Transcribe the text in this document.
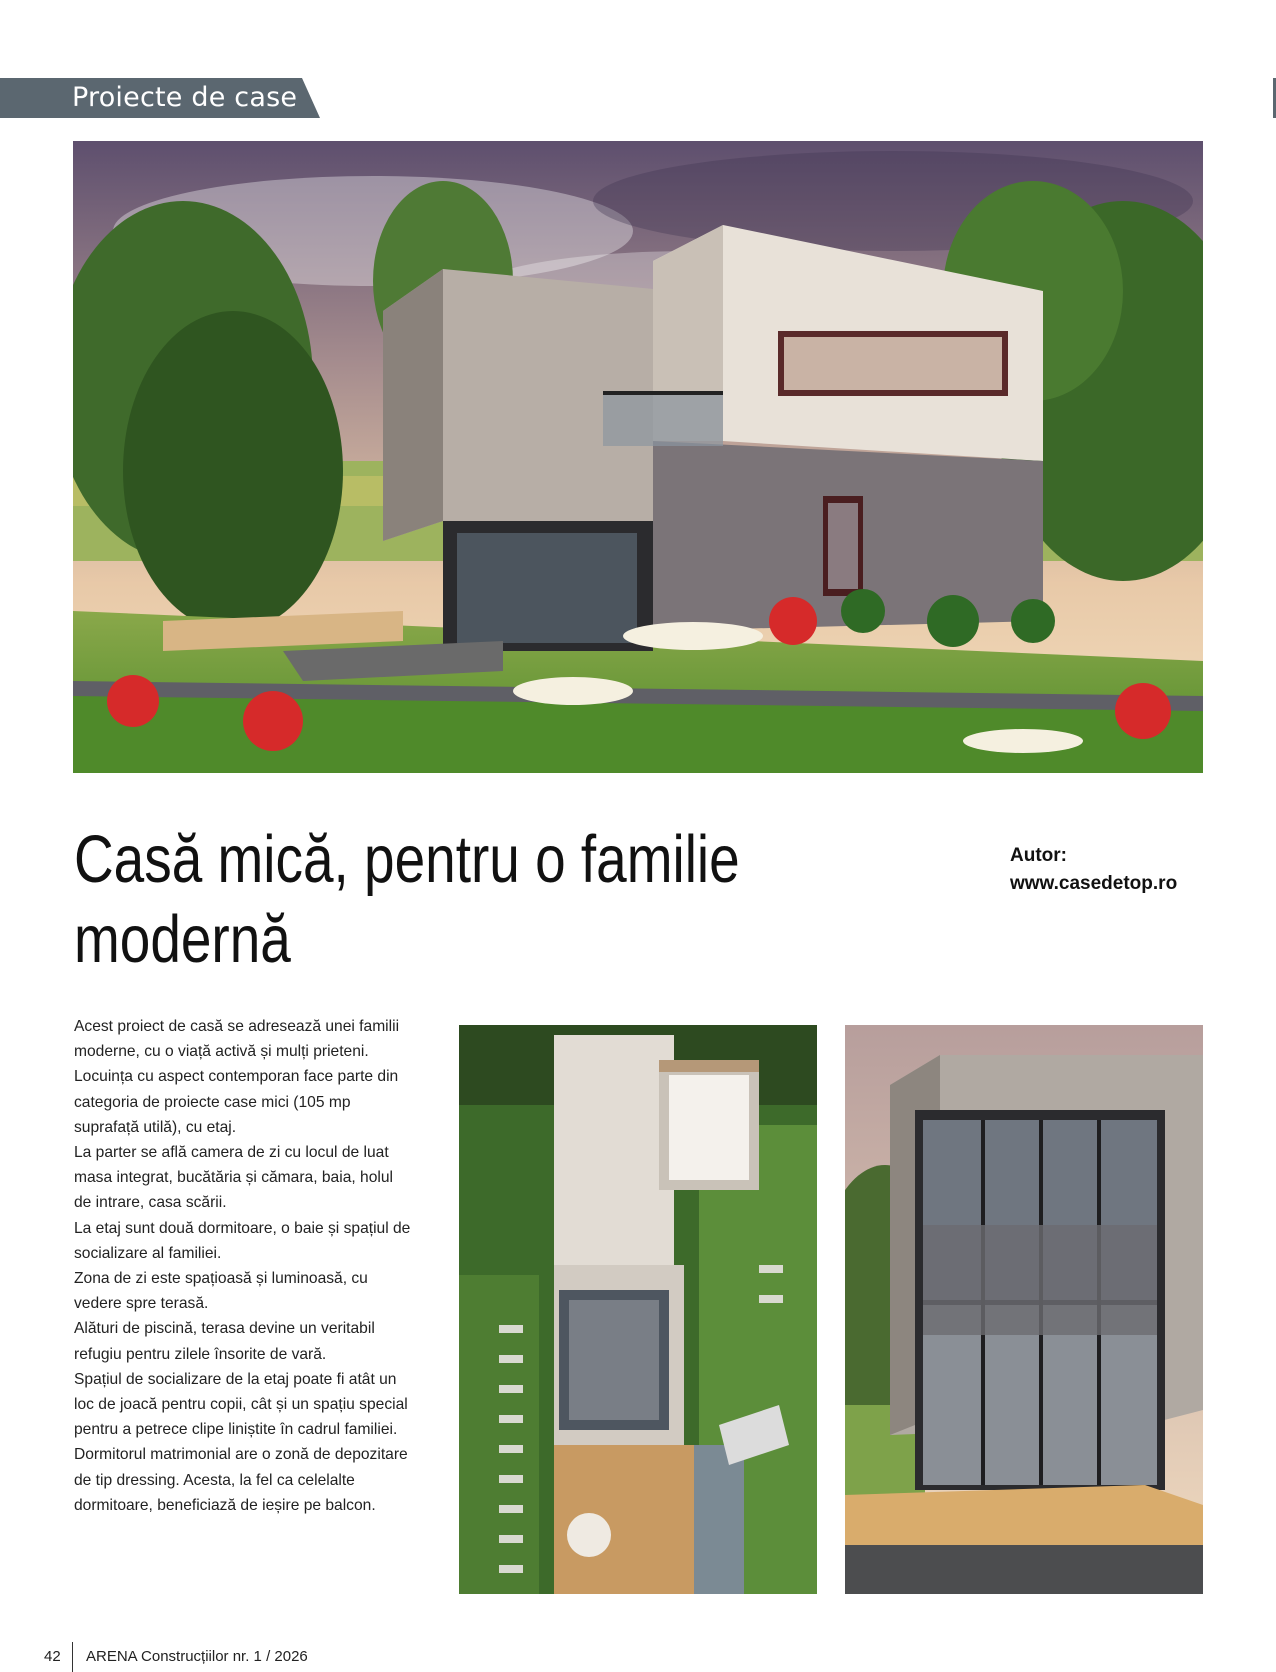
Proiecte de case
Casă mică, pentru o familie modernă
Autor:
www.casedetop.ro

Acest proiect de casă se adresează unei familii moderne, cu o viață activă și mulți prieteni.

Locuința cu aspect contemporan face parte din categoria de proiecte case mici (105 mp suprafață utilă), cu etaj.

La parter se află camera de zi cu locul de luat masa integrat, bucătăria și cămara, baia, holul de intrare, casa scării.

La etaj sunt două dormitoare, o baie și spațiul de socializare al familiei.

Zona de zi este spațioasă și luminoasă, cu vedere spre terasă.

Alături de piscină, terasa devine un veritabil refugiu pentru zilele însorite de vară.

Spațiul de socializare de la etaj poate fi atât un loc de joacă pentru copii, cât și un spațiu special pentru a petrece clipe liniștite în cadrul familiei.

Dormitorul matrimonial are o zonă de depozitare de tip dressing. Acesta, la fel ca celelalte dormitoare, beneficiază de ieșire pe balcon.

42 ARENA Construcțiilor nr. 1 / 2026
